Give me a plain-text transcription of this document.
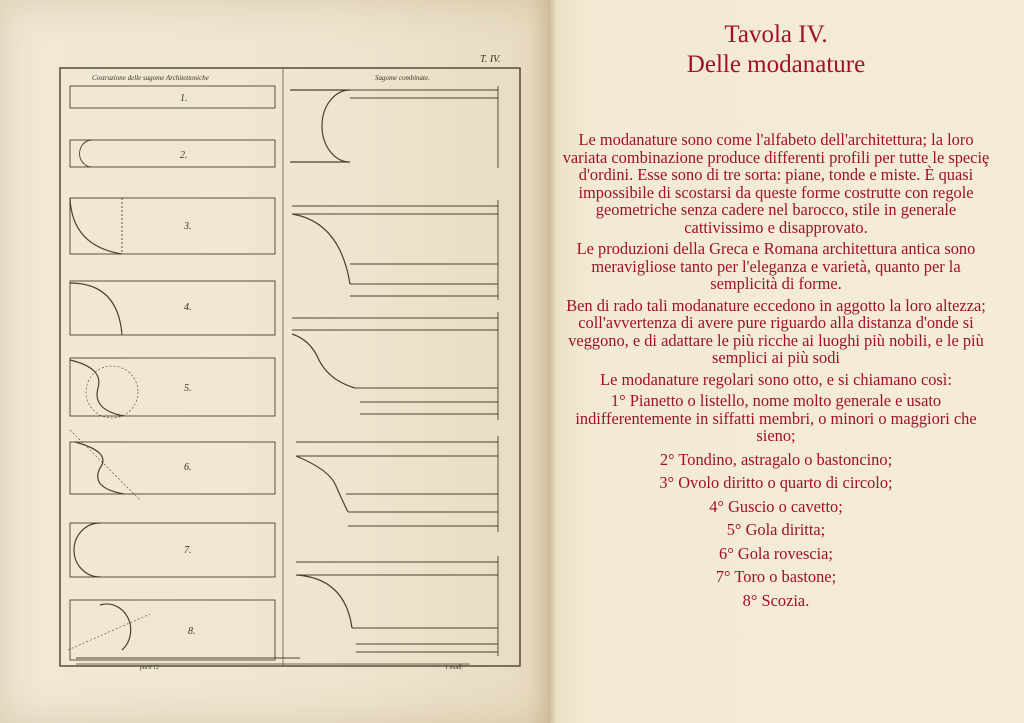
T. IV.
Costruzione delle sagome Architettoniche	Sagome combinate.
1.
2.
3.
4.
5.
6.
7.
8.
parti 12	1 modl.
Tavola IV.
Delle modanature

Le modanature sono come l'alfabeto dell'architettura; la loro variata combinazione produce differenti profili per tutte le speciȩ d'ordini. Esse sono di tre sorta: piane, tonde e miste. È quasi impossibile di scostarsi da queste forme costrutte con regole geometriche senza cadere nel barocco, stile in generale cattivissimo e disapprovato.

Le produzioni della Greca e Romana architettura antica sono meravigliose tanto per l'eleganza e varietà, quanto per la semplicità di forme.

Ben di rado tali modanature eccedono in aggotto la loro altezza; coll'avvertenza di avere pure riguardo alla distanza d'onde si veggono, e di adattare le più ricche ai luoghi più nobili, e le più semplici ai più sodi

Le modanature regolari sono otto, e si chiamano così:

1° Pianetto o listello, nome molto generale e usato indifferentemente in siffatti membri, o minori o maggiori che sieno;
2° Tondino, astragalo o bastoncino;
3° Ovolo diritto o quarto di circolo;
4° Guscio o cavetto;
5° Gola diritta;
6° Gola rovescia;
7° Toro o bastone;
8° Scozia.
